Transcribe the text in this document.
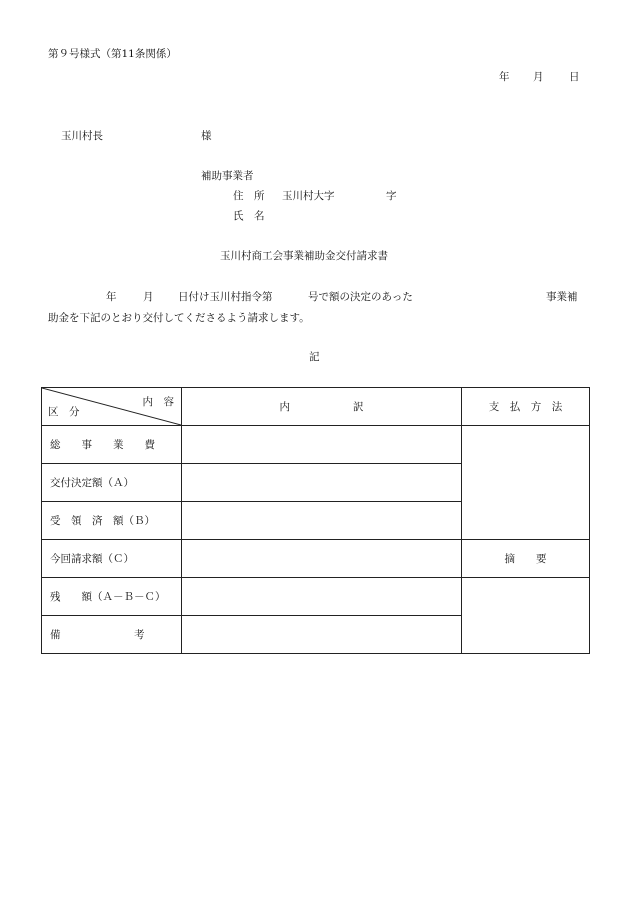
第９号様式（第11条関係）
年 月 日
玉川村長	様
補助事業者
住　所 玉川村大字	字
氏　名
玉川村商工会事業補助金交付請求書
年	月 日付け玉川村指令第	号で額の決定のあった	事業補
助金を下記のとおり交付してくださるよう請求します。
記
内　容
区　分	内　　　　　　訳	支　払　方　法
総　　事　　業　　費		
交付決定額（Ａ）		
受　領　済　額（Ｂ）		
今回請求額（Ｃ）		摘　　要
残　　額（Ａ－Ｂ－Ｃ）		
備　　　　　　　考		
